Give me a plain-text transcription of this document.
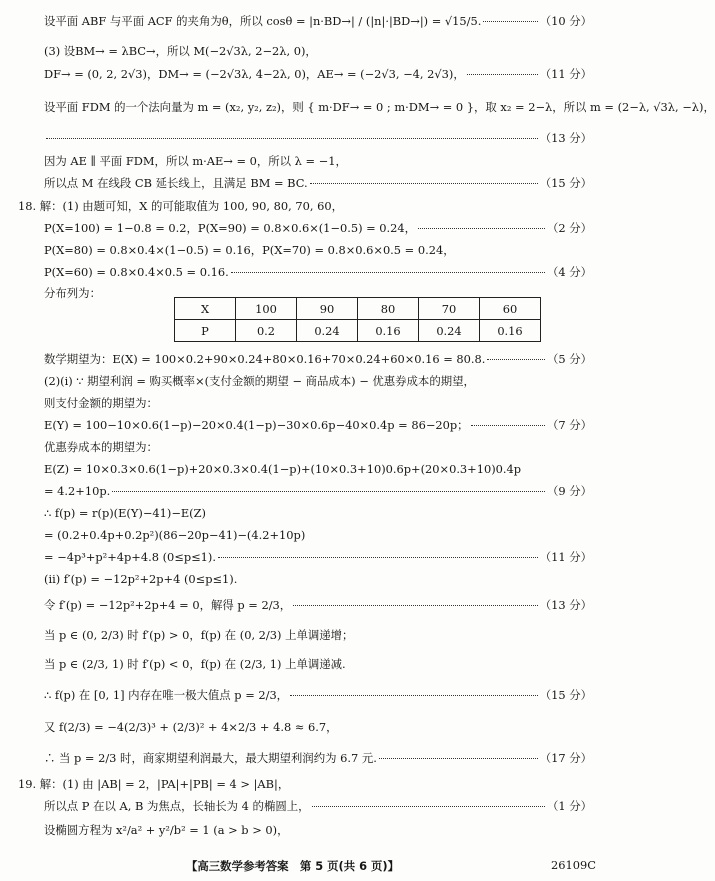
设平面 ABF 与平面 ACF 的夹角为θ，所以 cosθ = |n·BD→| / (|n|·|BD→|) = √15/5.	（10 分）
(3) 设BM→ = λBC→，所以 M(−2√3λ, 2−2λ, 0)，
DF→ = (0, 2, 2√3)，DM→ = (−2√3λ, 4−2λ, 0)，AE→ = (−2√3, −4, 2√3)，	（11 分）
设平面 FDM 的一个法向量为 m = (x₂, y₂, z₂)，则 { m·DF→ = 0 ; m·DM→ = 0 }，取 x₂ = 2−λ，所以 m = (2−λ, √3λ, −λ)，
（13 分）
因为 AE ∥ 平面 FDM，所以 m·AE→ = 0，所以 λ = −1，
所以点 M 在线段 CB 延长线上，且满足 BM = BC.	（15 分）
18. 解：(1) 由题可知，X 的可能取值为 100, 90, 80, 70, 60，
P(X=100) = 1−0.8 = 0.2，P(X=90) = 0.8×0.6×(1−0.5) = 0.24，	（2 分）
P(X=80) = 0.8×0.4×(1−0.5) = 0.16，P(X=70) = 0.8×0.6×0.5 = 0.24，
P(X=60) = 0.8×0.4×0.5 = 0.16.	（4 分）
分布列为：
X	100	90	80	70	60
P	0.2	0.24	0.16	0.24	0.16
数学期望为：E(X) = 100×0.2+90×0.24+80×0.16+70×0.24+60×0.16 = 80.8.	（5 分）
(2)(i) ∵ 期望利润 = 购买概率×(支付金额的期望 − 商品成本) − 优惠券成本的期望，
则支付金额的期望为：
E(Y) = 100−10×0.6(1−p)−20×0.4(1−p)−30×0.6p−40×0.4p = 86−20p；	（7 分）
优惠券成本的期望为：
E(Z) = 10×0.3×0.6(1−p)+20×0.3×0.4(1−p)+(10×0.3+10)0.6p+(20×0.3+10)0.4p
= 4.2+10p.	（9 分）
∴ f(p) = r(p)(E(Y)−41)−E(Z)
= (0.2+0.4p+0.2p²)(86−20p−41)−(4.2+10p)
= −4p³+p²+4p+4.8 (0≤p≤1).	（11 分）
(ii) f′(p) = −12p²+2p+4 (0≤p≤1).
令 f′(p) = −12p²+2p+4 = 0，解得 p = 2/3，	（13 分）
当 p ∈ (0, 2/3) 时 f′(p) > 0，f(p) 在 (0, 2/3) 上单调递增；
当 p ∈ (2/3, 1) 时 f′(p) < 0，f(p) 在 (2/3, 1) 上单调递减.
∴ f(p) 在 [0, 1] 内存在唯一极大值点 p = 2/3，	（15 分）
又 f(2/3) = −4(2/3)³ + (2/3)² + 4×2/3 + 4.8 ≈ 6.7，
∴ 当 p = 2/3 时，商家期望利润最大，最大期望利润约为 6.7 元.	（17 分）
19. 解：(1) 由 |AB| = 2，|PA|+|PB| = 4 > |AB|，
所以点 P 在以 A, B 为焦点，长轴长为 4 的椭圆上，	（1 分）
设椭圆方程为 x²/a² + y²/b² = 1 (a > b > 0)，
【高三数学参考答案　第 5 页(共 6 页)】	26109C
